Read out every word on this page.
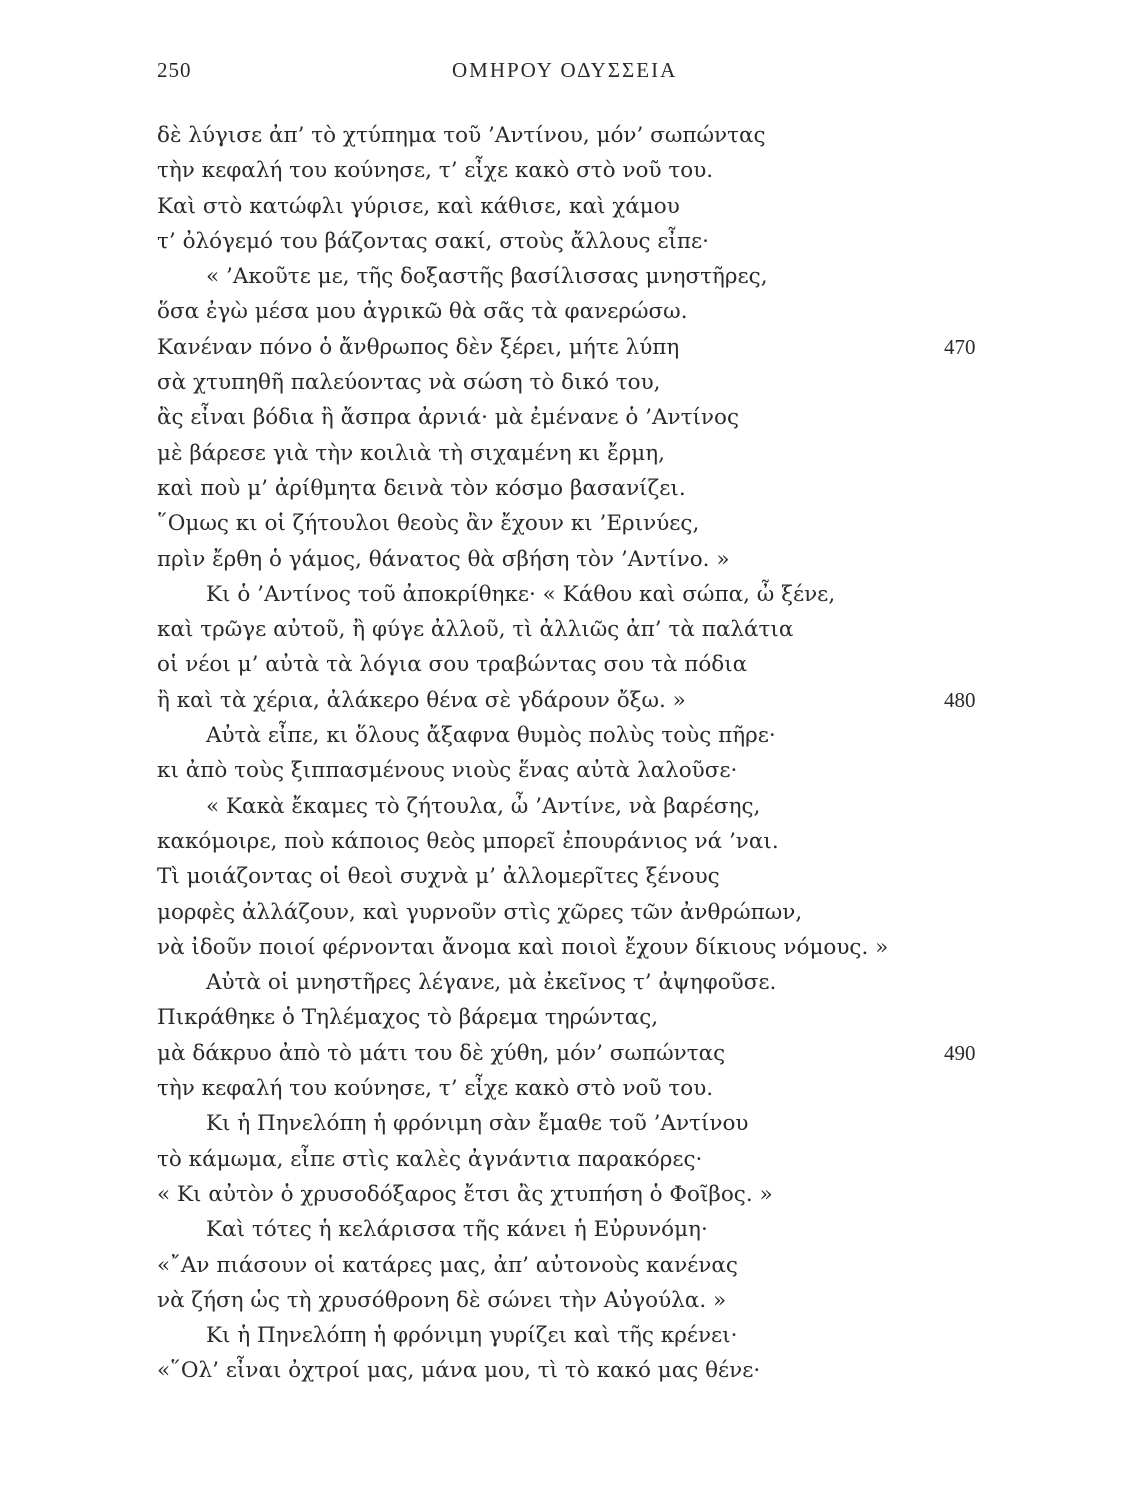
250	ΟΜΗΡΟΥ ΟΔΥΣΣΕΙΑ
δὲ λύγισε ἀπ’ τὸ χτύπημα τοῦ ’Αντίνου, μόν’ σωπώντας
τὴν κεφαλή του κούνησε, τ’ εἶχε κακὸ στὸ νοῦ του.
Καὶ στὸ κατώφλι γύρισε, καὶ κάθισε, καὶ χάμου
τ’ ὀλόγεμό του βάζοντας σακί, στοὺς ἄλλους εἶπε·
« ’Ακοῦτε με, τῆς δοξαστῆς βασίλισσας μνηστῆρες,
ὅσα ἐγὼ μέσα μου ἀγρικῶ θὰ σᾶς τὰ φανερώσω.
Κανέναν πόνο ὁ ἄνθρωπος δὲν ξέρει, μήτε λύπη	470
σὰ χτυπηθῆ παλεύοντας νὰ σώση τὸ δικό του,
ἂς εἶναι βόδια ἢ ἄσπρα ἀρνιά· μὰ ἐμένανε ὁ ’Αντίνος
μὲ βάρεσε γιὰ τὴν κοιλιὰ τὴ σιχαμένη κι ἔρμη,
καὶ ποὺ μ’ ἀρίθμητα δεινὰ τὸν κόσμο βασανίζει.
῞Ομως κι οἱ ζήτουλοι θεοὺς ἂν ἔχουν κι ’Ερινύες,
πρὶν ἔρθη ὁ γάμος, θάνατος θὰ σβήση τὸν ’Αντίνο. »
Κι ὁ ’Αντίνος τοῦ ἀποκρίθηκε· « Κάθου καὶ σώπα, ὦ ξένε,
καὶ τρῶγε αὐτοῦ, ἢ φύγε ἀλλοῦ, τὶ ἀλλιῶς ἀπ’ τὰ παλάτια
οἱ νέοι μ’ αὐτὰ τὰ λόγια σου τραβώντας σου τὰ πόδια
ἢ καὶ τὰ χέρια, ἀλάκερο θένα σὲ γδάρουν ὄξω. »	480
Αὐτὰ εἶπε, κι ὅλους ἄξαφνα θυμὸς πολὺς τοὺς πῆρε·
κι ἀπὸ τοὺς ξιππασμένους νιοὺς ἕνας αὐτὰ λαλοῦσε·
« Κακὰ ἔκαμες τὸ ζήτουλα, ὦ ’Αντίνε, νὰ βαρέσης,
κακόμοιρε, ποὺ κάποιος θεὸς μπορεῖ ἐπουράνιος νά ’ναι.
Τὶ μοιάζοντας οἱ θεοὶ συχνὰ μ’ ἀλλομερῖτες ξένους
μορφὲς ἀλλάζουν, καὶ γυρνοῦν στὶς χῶρες τῶν ἀνθρώπων,
νὰ ἰδοῦν ποιοί φέρνονται ἄνομα καὶ ποιοὶ ἔχουν δίκιους νόμους. »
Αὐτὰ οἱ μνηστῆρες λέγανε, μὰ ἐκεῖνος τ’ ἀψηφοῦσε.
Πικράθηκε ὁ Τηλέμαχος τὸ βάρεμα τηρώντας,
μὰ δάκρυο ἀπὸ τὸ μάτι του δὲ χύθη, μόν’ σωπώντας	490
τὴν κεφαλή του κούνησε, τ’ εἶχε κακὸ στὸ νοῦ του.
Κι ἡ Πηνελόπη ἡ φρόνιμη σὰν ἔμαθε τοῦ ’Αντίνου
τὸ κάμωμα, εἶπε στὶς καλὲς ἀγνάντια παρακόρες·
« Κι αὐτὸν ὁ χρυσοδόξαρος ἔτσι ἂς χτυπήση ὁ Φοῖβος. »
Καὶ τότες ἡ κελάρισσα τῆς κάνει ἡ Εὐρυνόμη·
«῎Αν πιάσουν οἱ κατάρες μας, ἀπ’ αὐτονοὺς κανένας
νὰ ζήση ὡς τὴ χρυσόθρονη δὲ σώνει τὴν Αὐγούλα. »
Κι ἡ Πηνελόπη ἡ φρόνιμη γυρίζει καὶ τῆς κρένει·
«῞Ολ’ εἶναι ὀχτροί μας, μάνα μου, τὶ τὸ κακό μας θένε·
